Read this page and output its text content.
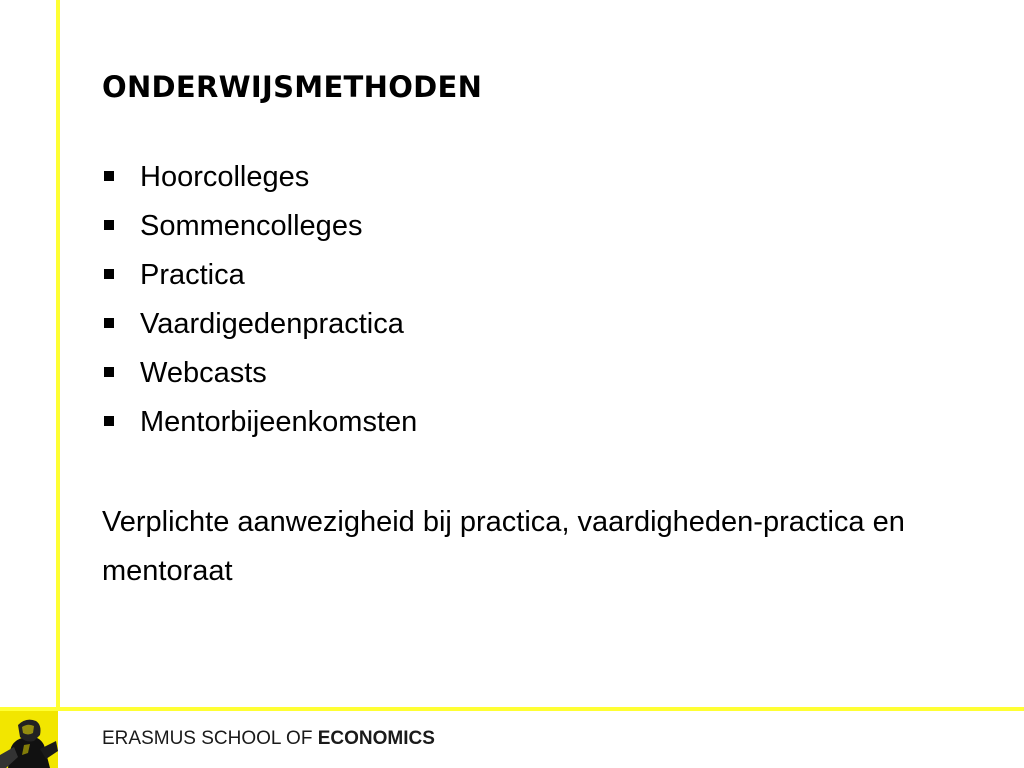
ONDERWIJSMETHODEN
Hoorcolleges
Sommencolleges
Practica
Vaardigedenpractica
Webcasts
Mentorbijeenkomsten

Verplichte aanwezigheid bij practica, vaardigheden-practica en mentoraat

ERASMUS SCHOOL OF ECONOMICS
